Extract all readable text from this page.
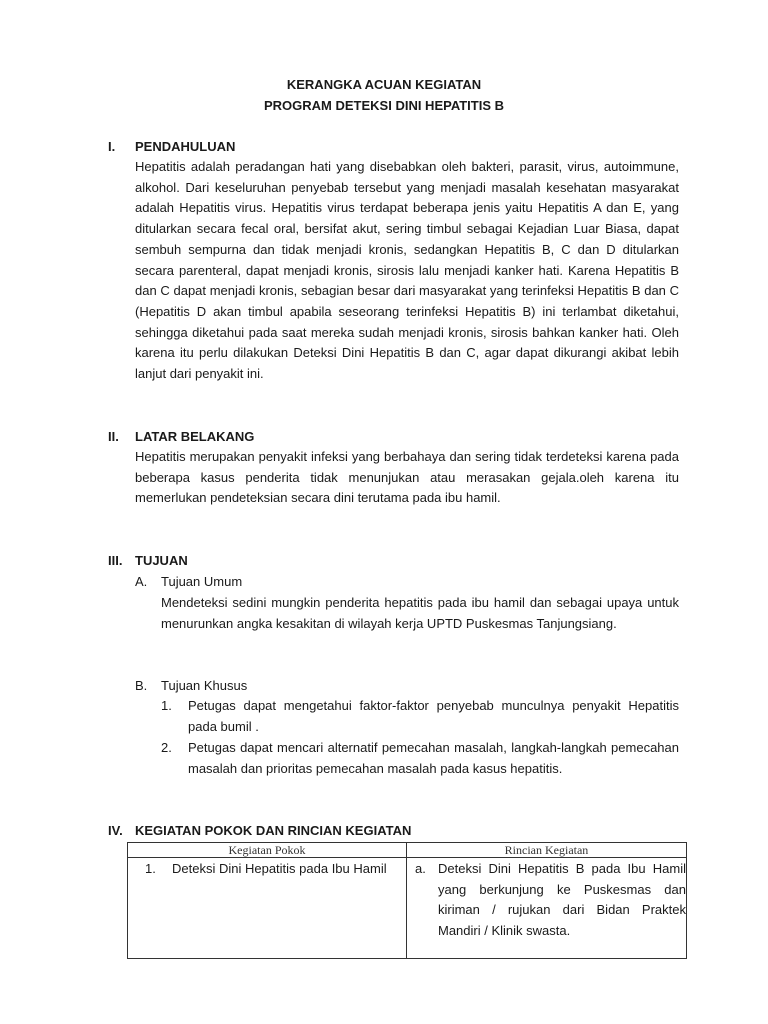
KERANGKA ACUAN KEGIATAN
PROGRAM DETEKSI DINI HEPATITIS B
I. PENDAHULUAN
Hepatitis adalah peradangan hati yang disebabkan oleh bakteri, parasit, virus, autoimmune, alkohol. Dari keseluruhan penyebab tersebut yang menjadi masalah kesehatan masyarakat adalah Hepatitis virus. Hepatitis virus terdapat beberapa jenis yaitu Hepatitis A dan E, yang ditularkan secara fecal oral, bersifat akut, sering timbul sebagai Kejadian Luar Biasa, dapat sembuh sempurna dan tidak menjadi kronis, sedangkan Hepatitis B, C dan D ditularkan secara parenteral, dapat menjadi kronis, sirosis lalu menjadi kanker hati. Karena Hepatitis B dan C dapat menjadi kronis, sebagian besar dari masyarakat yang terinfeksi Hepatitis B dan C (Hepatitis D akan timbul apabila seseorang terinfeksi Hepatitis B) ini terlambat diketahui, sehingga diketahui pada saat mereka sudah menjadi kronis, sirosis bahkan kanker hati. Oleh karena itu perlu dilakukan Deteksi Dini Hepatitis B dan C, agar dapat dikurangi akibat lebih lanjut dari penyakit ini.
II. LATAR BELAKANG
Hepatitis merupakan penyakit infeksi yang berbahaya dan sering tidak terdeteksi karena pada beberapa kasus penderita tidak menunjukan atau merasakan gejala.oleh karena itu memerlukan pendeteksian secara dini terutama pada ibu hamil.
III. TUJUAN
A. Tujuan Umum
Mendeteksi sedini mungkin penderita hepatitis pada ibu hamil dan sebagai upaya untuk menurunkan angka kesakitan di wilayah kerja UPTD Puskesmas Tanjungsiang.
B. Tujuan Khusus
1. Petugas dapat mengetahui faktor-faktor penyebab munculnya penyakit Hepatitis pada bumil .
2. Petugas dapat mencari alternatif pemecahan masalah, langkah-langkah pemecahan masalah dan prioritas pemecahan masalah pada kasus hepatitis.
IV. KEGIATAN POKOK DAN RINCIAN KEGIATAN
Kegiatan Pokok	Rincian Kegiatan

1. Deteksi Dini Hepatitis pada Ibu Hamil	a. Deteksi Dini Hepatitis B pada Ibu Hamil yang berkunjung ke Puskesmas dan kiriman / rujukan dari Bidan Praktek Mandiri / Klinik swasta.
